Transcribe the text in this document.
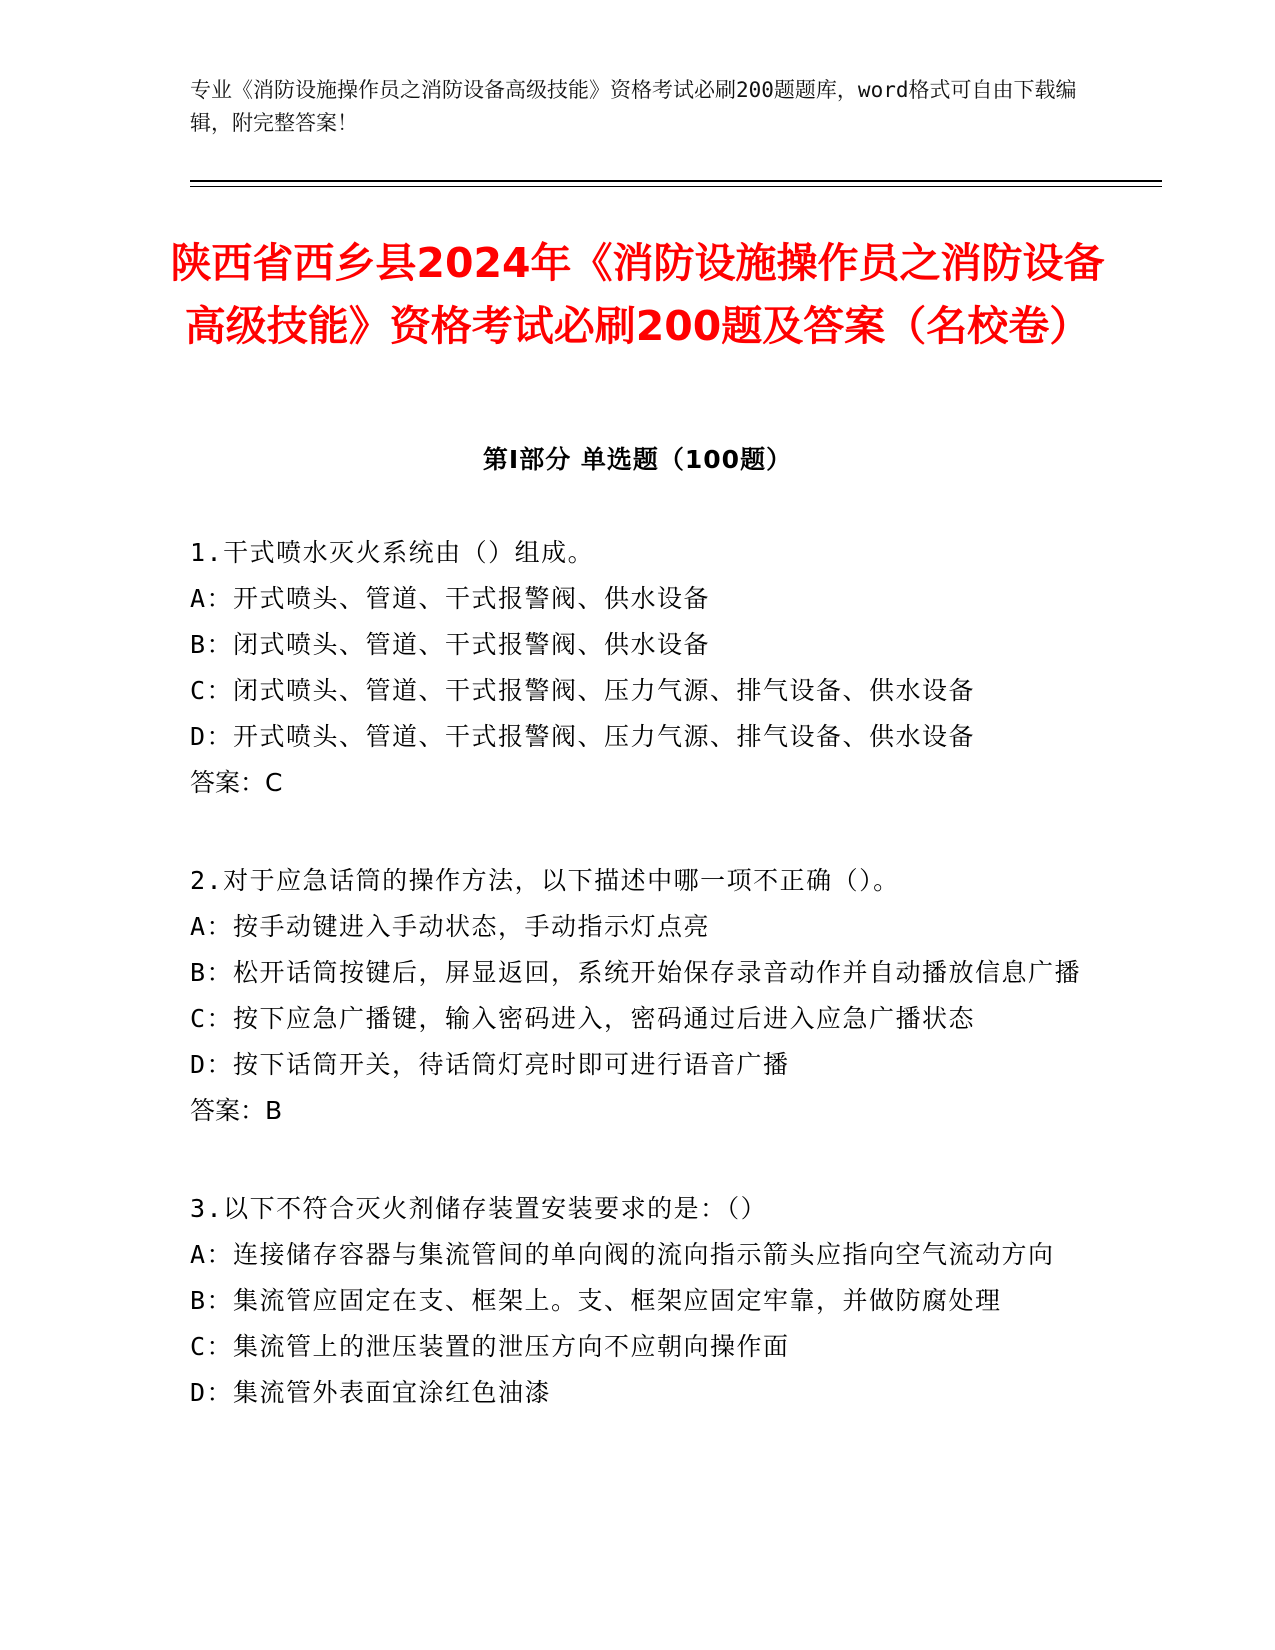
专业《消防设施操作员之消防设备高级技能》资格考试必刷200题题库，word格式可自由下载编辑，附完整答案！
陕西省西乡县2024年《消防设施操作员之消防设备高级技能》资格考试必刷200题及答案（名校卷）
第Ⅰ部分 单选题（100题）

1.干式喷水灭火系统由（）组成。

A：开式喷头、管道、干式报警阀、供水设备

B：闭式喷头、管道、干式报警阀、供水设备

C：闭式喷头、管道、干式报警阀、压力气源、排气设备、供水设备

D：开式喷头、管道、干式报警阀、压力气源、排气设备、供水设备

答案：C

2.对于应急话筒的操作方法，以下描述中哪一项不正确（）。

A：按手动键进入手动状态，手动指示灯点亮

B：松开话筒按键后，屏显返回，系统开始保存录音动作并自动播放信息广播

C：按下应急广播键，输入密码进入，密码通过后进入应急广播状态

D：按下话筒开关，待话筒灯亮时即可进行语音广播

答案：B

3.以下不符合灭火剂储存装置安装要求的是：（）

A：连接储存容器与集流管间的单向阀的流向指示箭头应指向空气流动方向

B：集流管应固定在支、框架上。支、框架应固定牢靠，并做防腐处理

C：集流管上的泄压装置的泄压方向不应朝向操作面

D：集流管外表面宜涂红色油漆
